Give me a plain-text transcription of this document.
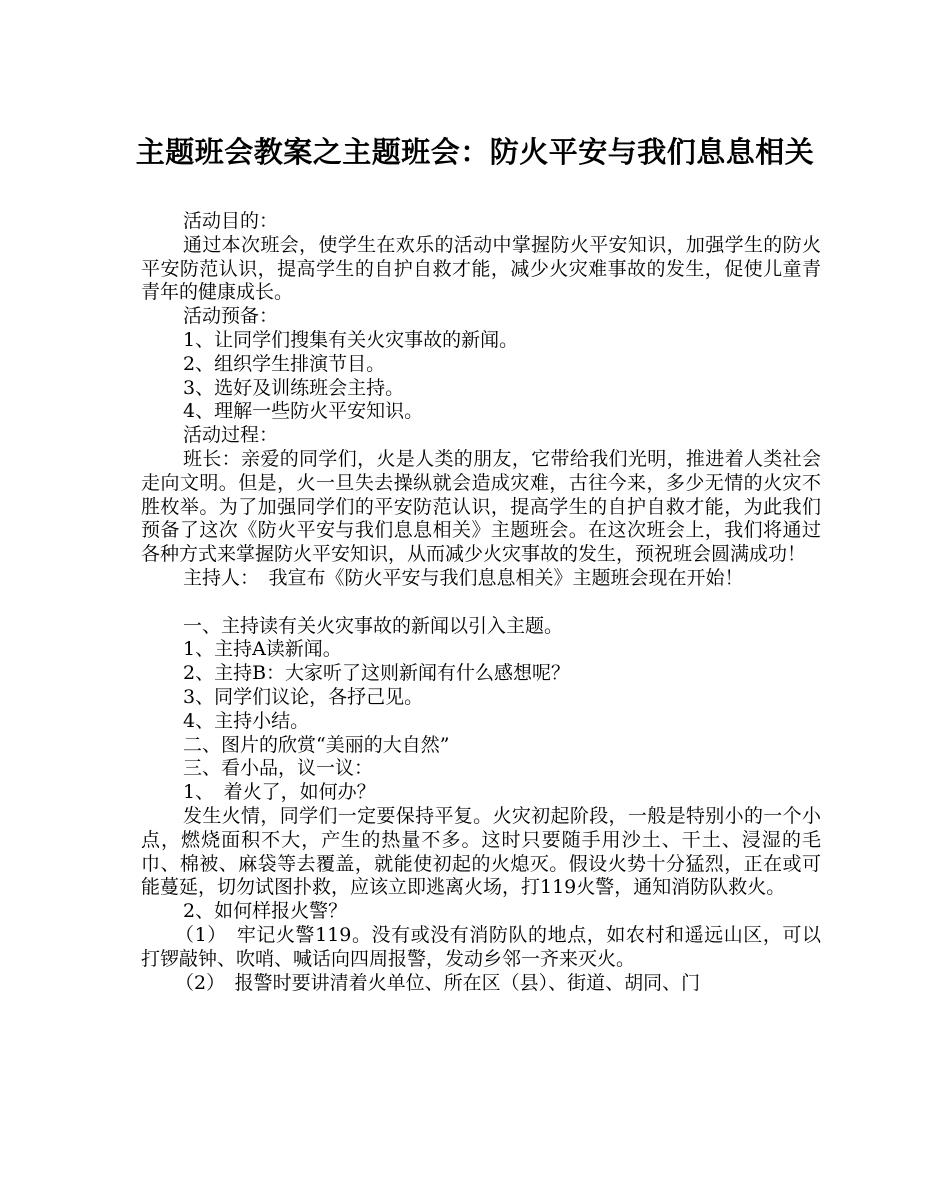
主题班会教案之主题班会：防火平安与我们息息相关

活动目的：

通过本次班会，使学生在欢乐的活动中掌握防火平安知识，加强学生的防火平安防范认识，提高学生的自护自救才能，减少火灾难事故的发生，促使儿童青青年的健康成长。

活动预备：

1、让同学们搜集有关火灾事故的新闻。

2、组织学生排演节目。

3、选好及训练班会主持。

4、理解一些防火平安知识。

活动过程：

班长：亲爱的同学们，火是人类的朋友，它带给我们光明，推进着人类社会走向文明。但是，火一旦失去操纵就会造成灾难，古往今来，多少无情的火灾不胜枚举。为了加强同学们的平安防范认识，提高学生的自护自救才能，为此我们预备了这次《防火平安与我们息息相关》主题班会。在这次班会上，我们将通过各种方式来掌握防火平安知识，从而减少火灾事故的发生，预祝班会圆满成功！

主持人：　我宣布《防火平安与我们息息相关》主题班会现在开始！

一、主持读有关火灾事故的新闻以引入主题。

1、主持A读新闻。

2、主持B：大家听了这则新闻有什么感想呢？

3、同学们议论，各抒己见。

4、主持小结。

二、图片的欣赏“美丽的大自然”

三、看小品，议一议：

1、　着火了，如何办？

发生火情，同学们一定要保持平复。火灾初起阶段，一般是特别小的一个小点，燃烧面积不大，产生的热量不多。这时只要随手用沙土、干土、浸湿的毛巾、棉被、麻袋等去覆盖，就能使初起的火熄灭。假设火势十分猛烈，正在或可能蔓延，切勿试图扑救，应该立即逃离火场，打119火警，通知消防队救火。

2、如何样报火警？

（1）　牢记火警119。没有或没有消防队的地点，如农村和遥远山区，可以打锣敲钟、吹哨、喊话向四周报警，发动乡邻一齐来灭火。

（2）　报警时要讲清着火单位、所在区（县）、街道、胡同、门
